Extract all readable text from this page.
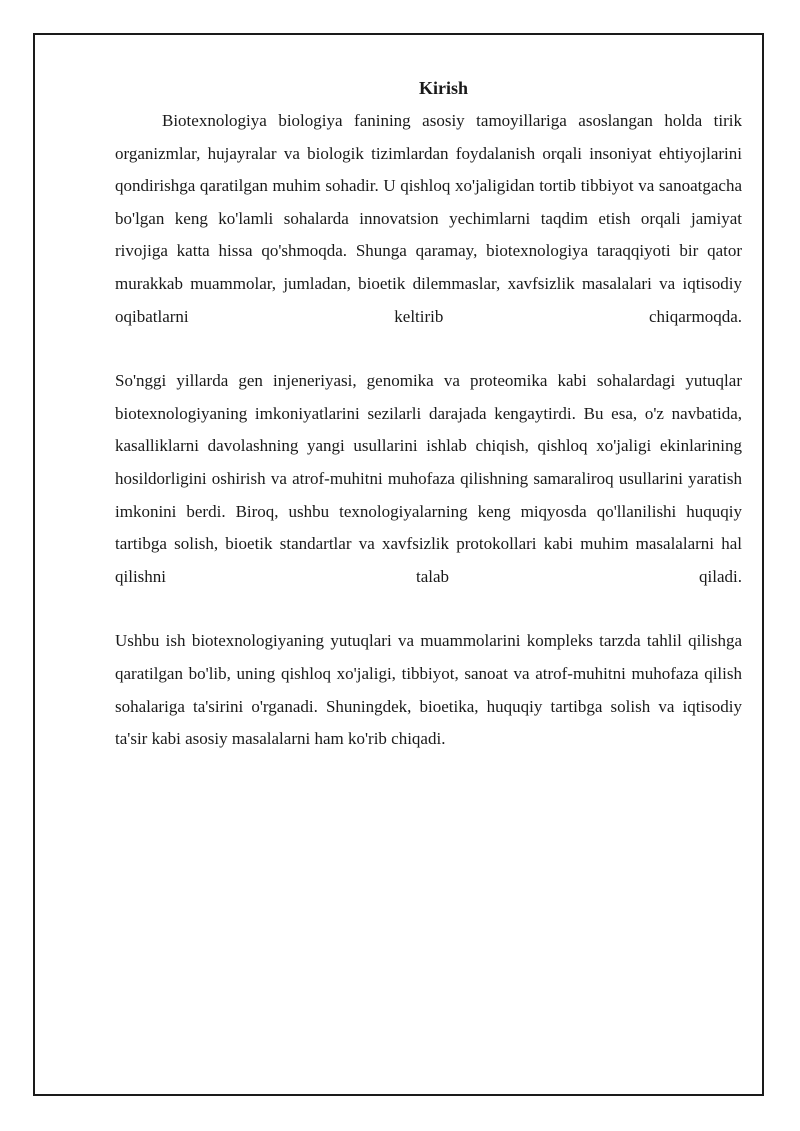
Kirish

Biotexnologiya biologiya fanining asosiy tamoyillariga asoslangan holda tirik organizmlar, hujayralar va biologik tizimlardan foydalanish orqali insoniyat ehtiyojlarini qondirishga qaratilgan muhim sohadir. U qishloq xo'jaligidan tortib tibbiyot va sanoatgacha bo'lgan keng ko'lamli sohalarda innovatsion yechimlarni taqdim etish orqali jamiyat rivojiga katta hissa qo'shmoqda. Shunga qaramay, biotexnologiya taraqqiyoti bir qator murakkab muammolar, jumladan, bioetik dilemmaslar, xavfsizlik masalalari va iqtisodiy oqibatlarni keltirib chiqarmoqda.

So'nggi yillarda gen injeneriyasi, genomika va proteomika kabi sohalardagi yutuqlar biotexnologiyaning imkoniyatlarini sezilarli darajada kengaytirdi. Bu esa, o'z navbatida, kasalliklarni davolashning yangi usullarini ishlab chiqish, qishloq xo'jaligi ekinlarining hosildorligini oshirish va atrof-muhitni muhofaza qilishning samaraliroq usullarini yaratish imkonini berdi. Biroq, ushbu texnologiyalarning keng miqyosda qo'llanilishi huquqiy tartibga solish, bioetik standartlar va xavfsizlik protokollari kabi muhim masalalarni hal qilishni talab qiladi.

Ushbu ish biotexnologiyaning yutuqlari va muammolarini kompleks tarzda tahlil qilishga qaratilgan bo'lib, uning qishloq xo'jaligi, tibbiyot, sanoat va atrof-muhitni muhofaza qilish sohalariga ta'sirini o'rganadi. Shuningdek, bioetika, huquqiy tartibga solish va iqtisodiy ta'sir kabi asosiy masalalarni ham ko'rib chiqadi.
